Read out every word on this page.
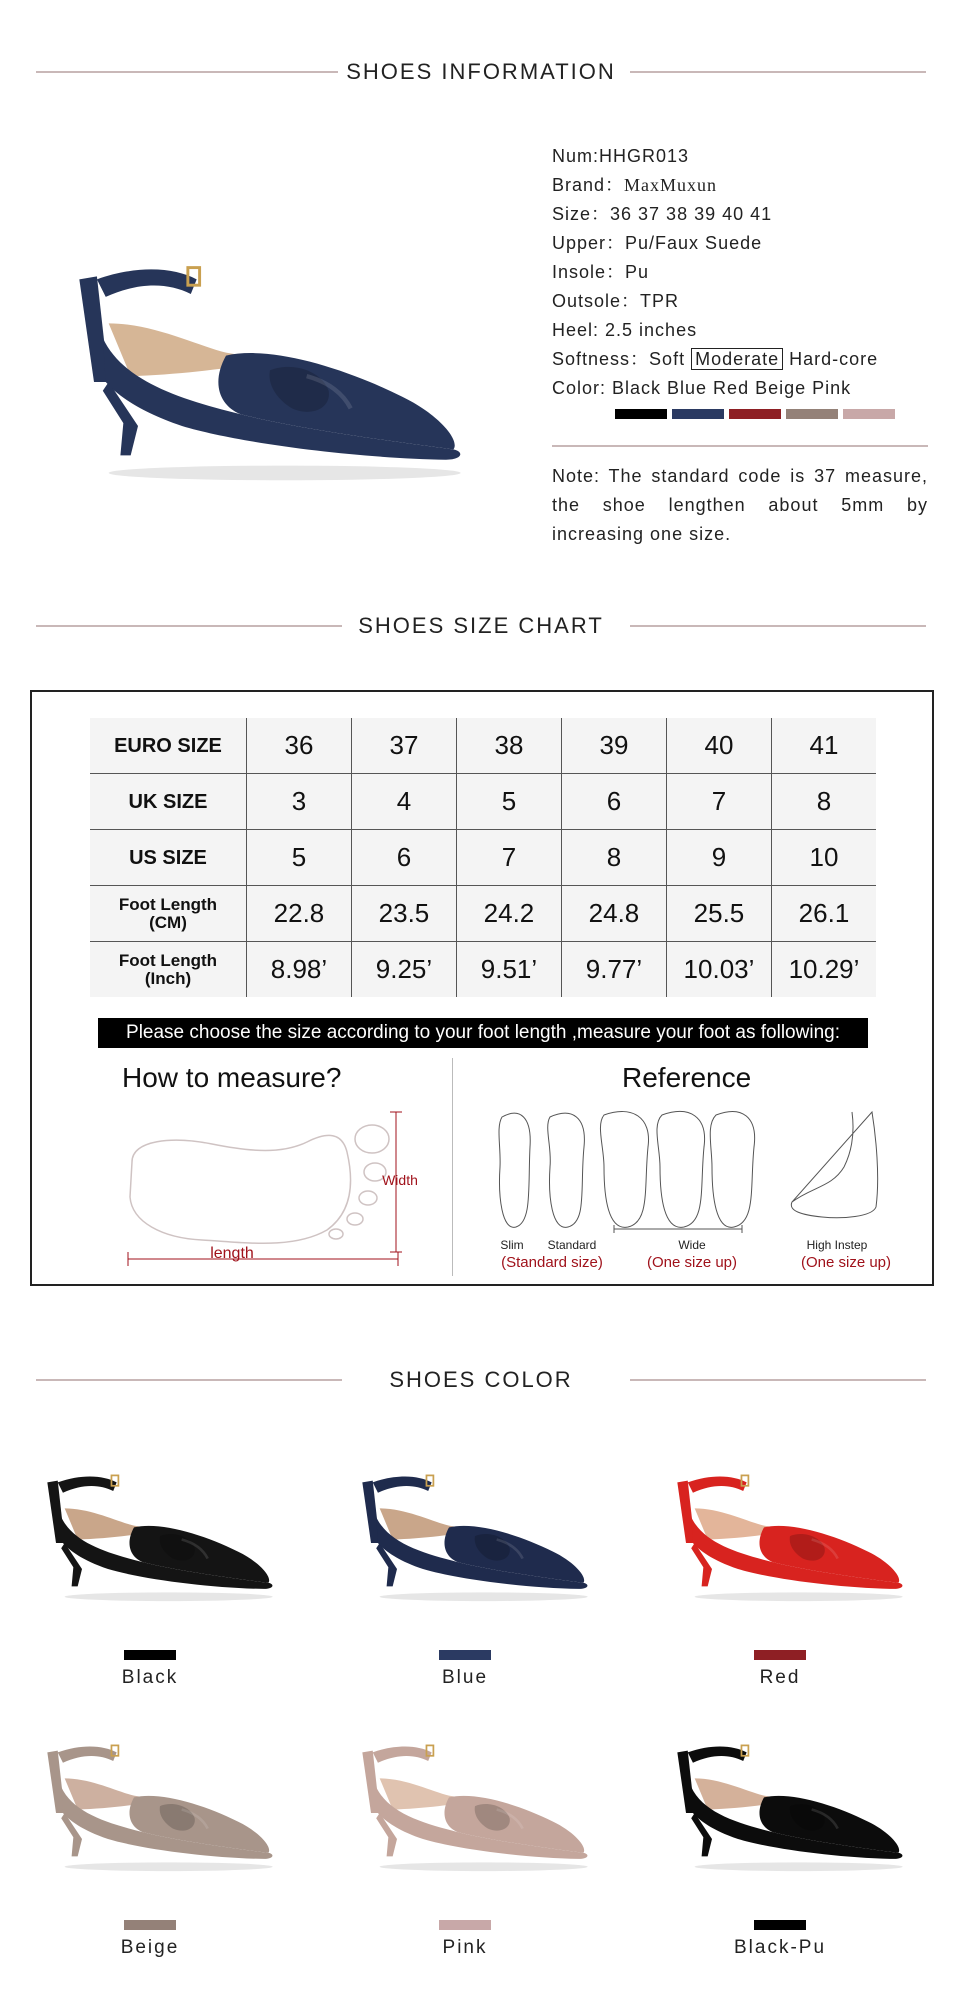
SHOES INFORMATION
Num:HHGR013
Brand：MaxMuxun
Size：36 37 38 39 40 41
Upper：Pu/Faux Suede
Insole：Pu
Outsole：TPR
Heel: 2.5 inches
Softness：Soft Moderate Hard-core
Color: Black Blue Red Beige Pink
Note: The standard code is 37 measure, the shoe lengthen about 5mm by increasing one size.
SHOES SIZE CHART
EURO SIZE	36	37	38	39	40	41
UK SIZE	3	4	5	6	7	8
US SIZE	5	6	7	8	9	10

Foot Length
(CM)	22.8	23.5	24.2	24.8	25.5	26.1

Foot Length
(Inch)	8.98’	9.25’	9.51’	9.77’	10.03’	10.29’
Please choose the size according to your foot length ,measure your foot as following:
How to measure?	Reference
Width
length	Slim	Standard	Wide	High Instep
(Standard size)	(One size up)	(One size up)
SHOES COLOR
Black	Blue	Red
Beige	Pink	Black-Pu
